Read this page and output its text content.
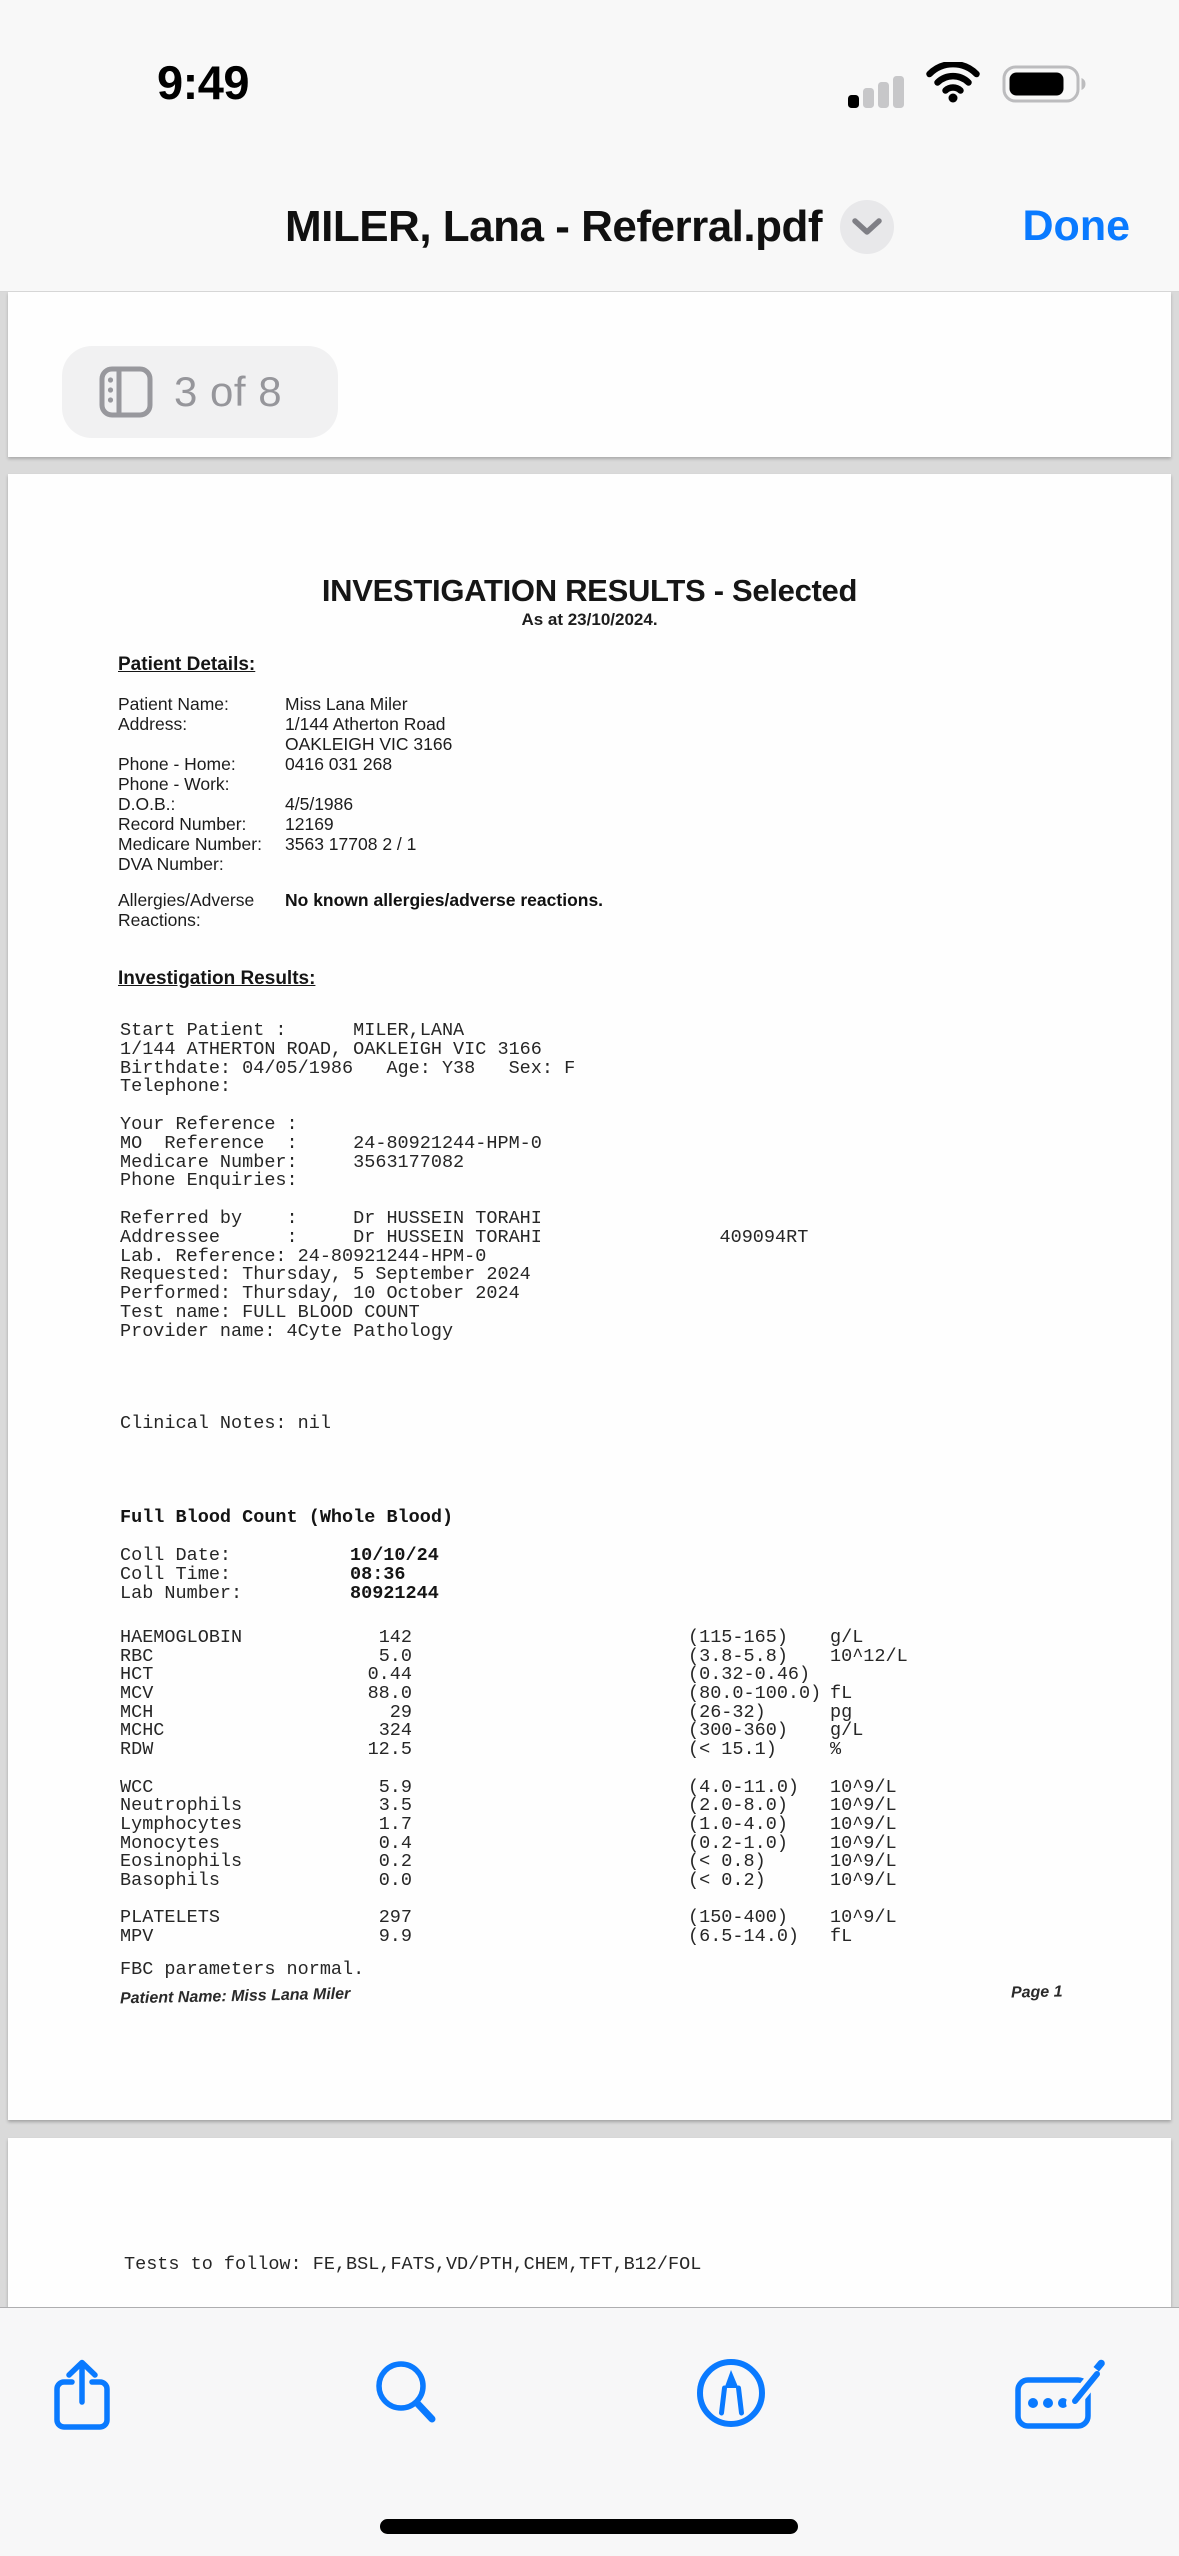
9:49
MILER, Lana - Referral.pdf	Done
3 of 8
INVESTIGATION RESULTS - Selected
As at 23/10/2024.
Patient Details:
Patient Name:	Miss Lana Miler
Address:	1/144 Atherton Road
OAKLEIGH VIC 3166
Phone - Home:	0416 031 268
Phone - Work:
D.O.B.:	4/5/1986
Record Number:	12169
Medicare Number:	3563 17708 2 / 1
DVA Number:
Allergies/Adverse
Reactions:
No known allergies/adverse reactions.
Investigation Results:
Start Patient :      MILER,LANA
1/144 ATHERTON ROAD, OAKLEIGH VIC 3166
Birthdate: 04/05/1986   Age: Y38   Sex: F
Telephone:

Your Reference :
MO  Reference  :     24-80921244-HPM-0
Medicare Number:     3563177082
Phone Enquiries:

Referred by    :     Dr HUSSEIN TORAHI
Addressee      :     Dr HUSSEIN TORAHI                409094RT
Lab. Reference: 24-80921244-HPM-0
Requested: Thursday, 5 September 2024
Performed: Thursday, 10 October 2024
Test name: FULL BLOOD COUNT
Provider name: 4Cyte Pathology
Clinical Notes: nil
Full Blood Count (Whole Blood)
Coll Date:	10/10/24
Coll Time:	08:36
Lab Number:	80921244
HAEMOGLOBIN	142	(115-165)	g/L
RBC	5.0	(3.8-5.8)	10^12/L
HCT	0.44	(0.32-0.46)
MCV	88.0	(80.0-100.0) fL
MCH	29	(26-32)	pg
MCHC	324	(300-360)	g/L
RDW	12.5	(< 15.1)	%
WCC	5.9	(4.0-11.0)	10^9/L
Neutrophils	3.5	(2.0-8.0)	10^9/L
Lymphocytes	1.7	(1.0-4.0)	10^9/L
Monocytes	0.4	(0.2-1.0)	10^9/L
Eosinophils	0.2	(< 0.8)	10^9/L
Basophils	0.0	(< 0.2)	10^9/L
PLATELETS	297	(150-400)	10^9/L
MPV	9.9	(6.5-14.0)	fL
FBC parameters normal.
Patient Name: Miss Lana Miler	Page 1
Tests to follow: FE,BSL,FATS,VD/PTH,CHEM,TFT,B12/FOL
